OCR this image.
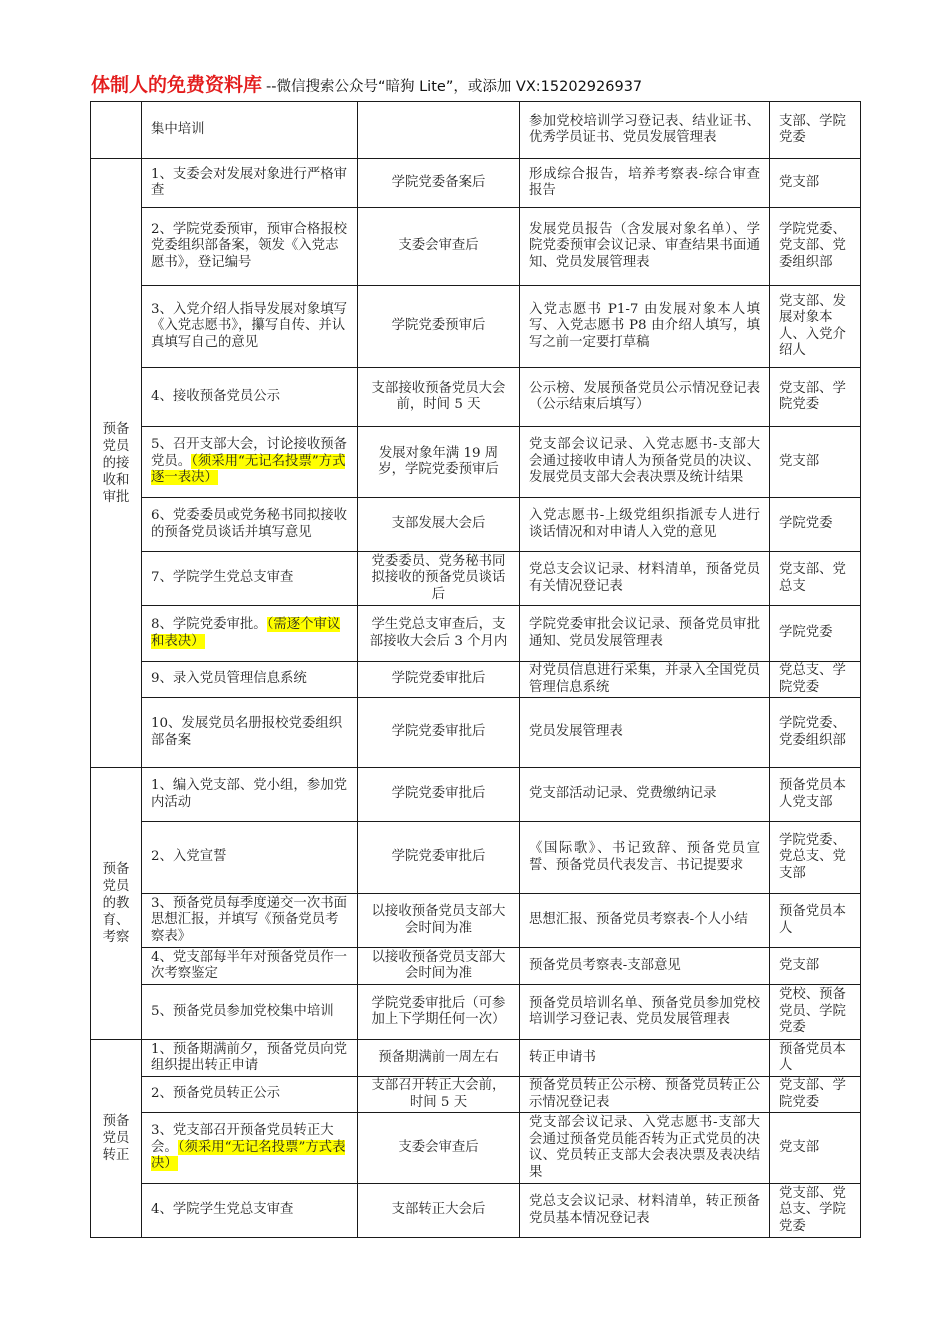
体制人的免费资料库 --微信搜索公众号“暗狗 Lite”，或添加 VX:15202926937
	集中培训		参加党校培训学习登记表、结业证书、优秀学员证书、党员发展管理表	支部、学院党委

预备党员的接收和审批	1、支委会对发展对象进行严格审查	学院党委备案后	形成综合报告，培养考察表-综合审查报告	党支部
	2、学院党委预审，预审合格报校党委组织部备案，领发《入党志愿书》，登记编号	支委会审查后	发展党员报告（含发展对象名单）、学院党委预审会议记录、审查结果书面通知、党员发展管理表	学院党委、党支部、党委组织部
	3、入党介绍人指导发展对象填写《入党志愿书》，攥写自传、并认真填写自己的意见	学院党委预审后	入党志愿书 P1-7 由发展对象本人填写、入党志愿书 P8 由介绍人填写，填写之前一定要打草稿	党支部、发展对象本人、入党介绍人
	4、接收预备党员公示	支部接收预备党员大会前，时间 5 天	公示榜、发展预备党员公示情况登记表（公示结束后填写）	党支部、学院党委
	5、召开支部大会，讨论接收预备党员。（须采用“无记名投票”方式逐一表决）	发展对象年满 19 周岁，学院党委预审后	党支部会议记录、入党志愿书-支部大会通过接收申请人为预备党员的决议、发展党员支部大会表决票及统计结果	党支部
	6、党委委员或党务秘书同拟接收的预备党员谈话并填写意见	支部发展大会后	入党志愿书-上级党组织指派专人进行谈话情况和对申请人入党的意见	学院党委
	7、学院学生党总支审查	党委委员、党务秘书同拟接收的预备党员谈话后	党总支会议记录、材料清单，预备党员有关情况登记表	党支部、党总支
	8、学院党委审批。（需逐个审议和表决）	学生党总支审查后，支部接收大会后 3 个月内	学院党委审批会议记录、预备党员审批通知、党员发展管理表	学院党委
	9、录入党员管理信息系统	学院党委审批后	对党员信息进行采集，并录入全国党员管理信息系统	党总支、学院党委
	10、发展党员名册报校党委组织部备案	学院党委审批后	党员发展管理表	学院党委、党委组织部

预备党员的教育、考察	1、编入党支部、党小组，参加党内活动	学院党委审批后	党支部活动记录、党费缴纳记录	预备党员本人党支部
	2、入党宣誓	学院党委审批后	《国际歌》、书记致辞、预备党员宣誓、预备党员代表发言、书记提要求	学院党委、党总支、党支部
	3、预备党员每季度递交一次书面思想汇报，并填写《预备党员考察表》	以接收预备党员支部大会时间为准	思想汇报、预备党员考察表-个人小结	预备党员本人
	4、党支部每半年对预备党员作一次考察鉴定	以接收预备党员支部大会时间为准	预备党员考察表-支部意见	党支部
	5、预备党员参加党校集中培训	学院党委审批后（可参加上下学期任何一次）	预备党员培训名单、预备党员参加党校培训学习登记表、党员发展管理表	党校、预备党员、学院党委

预备党员转正	1、预备期满前夕，预备党员向党组织提出转正申请	预备期满前一周左右	转正申请书	预备党员本人
	2、预备党员转正公示	支部召开转正大会前，时间 5 天	预备党员转正公示榜、预备党员转正公示情况登记表	党支部、学院党委
	3、党支部召开预备党员转正大会。（须采用“无记名投票”方式表决）	支委会审查后	党支部会议记录、入党志愿书-支部大会通过预备党员能否转为正式党员的决议、党员转正支部大会表决票及表决结果	党支部
	4、学院学生党总支审查	支部转正大会后	党总支会议记录、材料清单，转正预备党员基本情况登记表	党支部、党总支、学院党委
